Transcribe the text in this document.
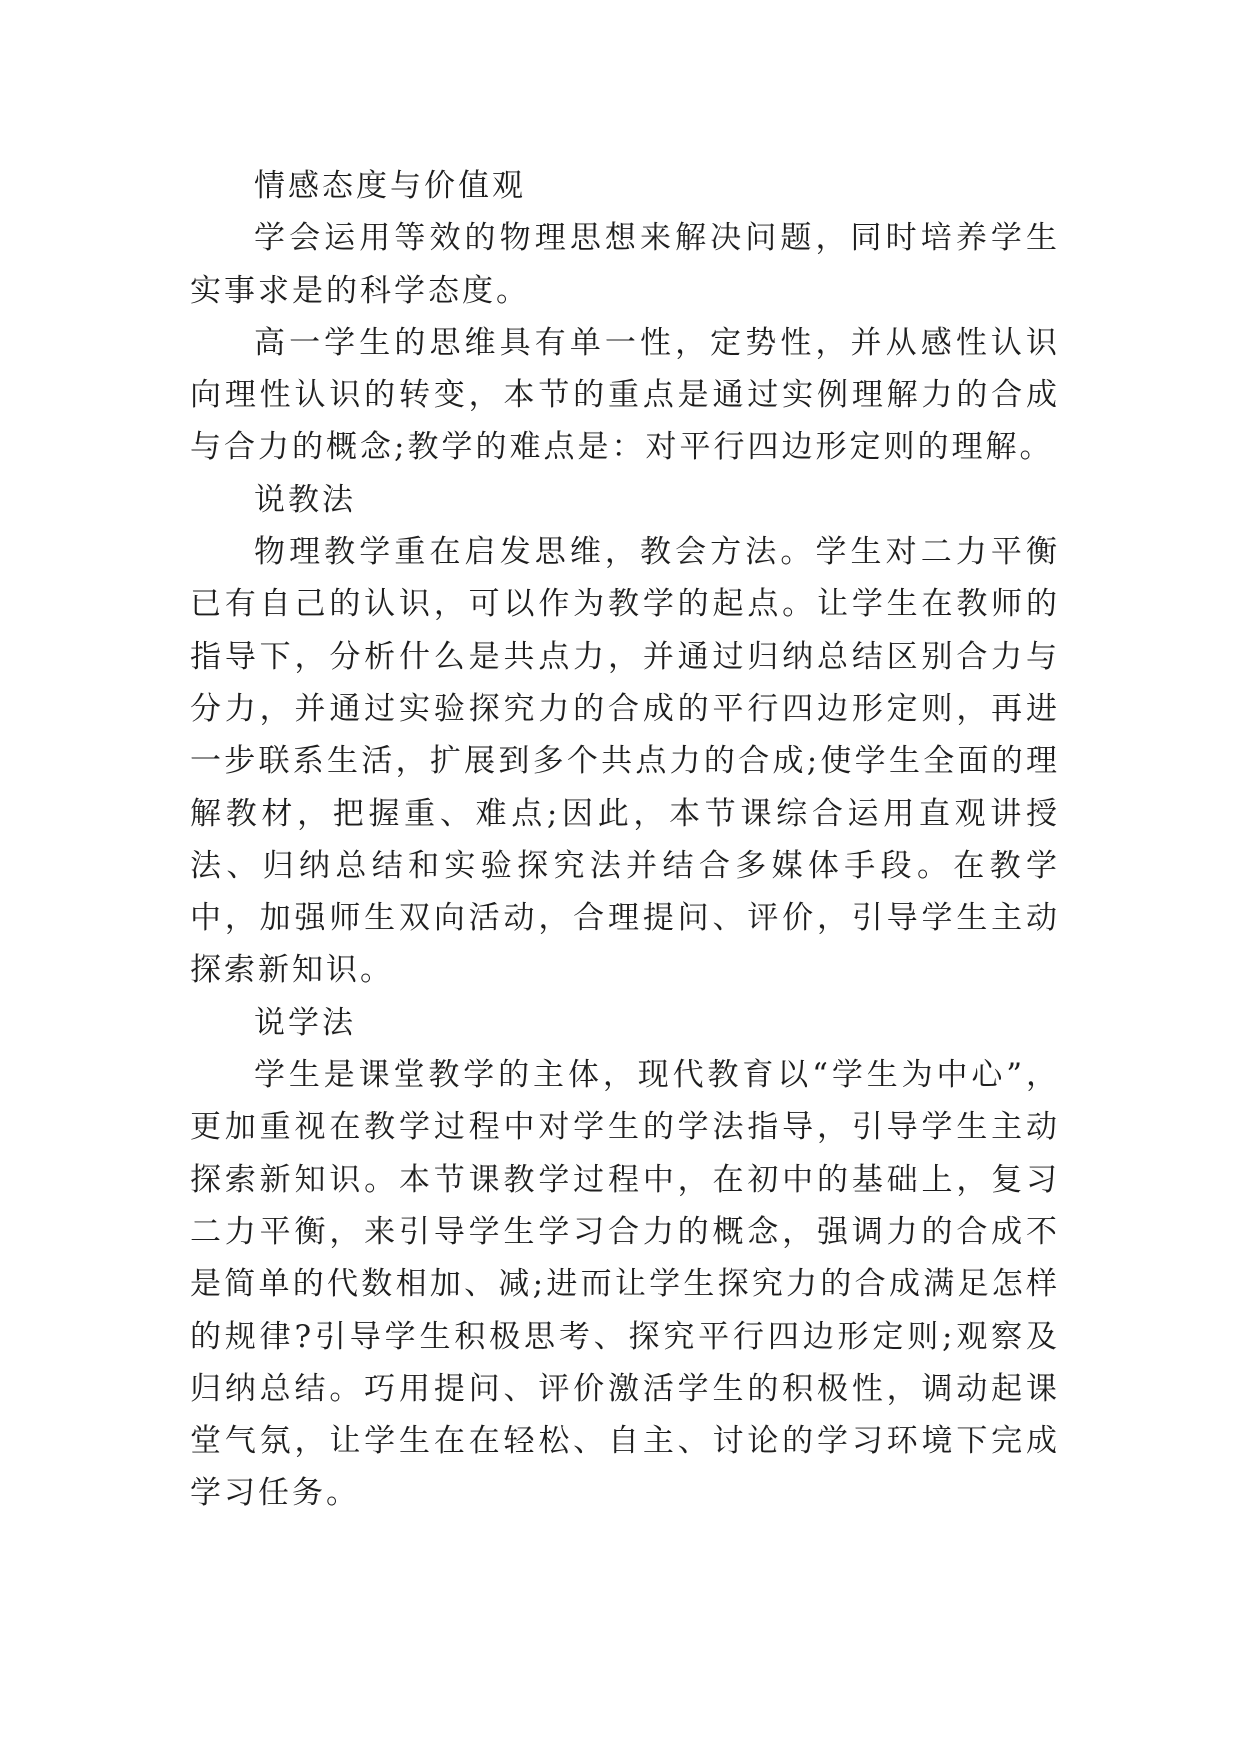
情感态度与价值观

学会运用等效的物理思想来解决问题，同时培养学生实事求是的科学态度。

高一学生的思维具有单一性，定势性，并从感性认识向理性认识的转变，本节的重点是通过实例理解力的合成与合力的概念;教学的难点是：对平行四边形定则的理解。

说教法

物理教学重在启发思维，教会方法。学生对二力平衡已有自己的认识，可以作为教学的起点。让学生在教师的指导下，分析什么是共点力，并通过归纳总结区别合力与分力，并通过实验探究力的合成的平行四边形定则，再进一步联系生活，扩展到多个共点力的合成;使学生全面的理解教材，把握重、难点;因此，本节课综合运用直观讲授法、归纳总结和实验探究法并结合多媒体手段。在教学中，加强师生双向活动，合理提问、评价，引导学生主动探索新知识。

说学法

学生是课堂教学的主体，现代教育以“学生为中心”，更加重视在教学过程中对学生的学法指导，引导学生主动探索新知识。本节课教学过程中，在初中的基础上，复习二力平衡，来引导学生学习合力的概念，强调力的合成不是简单的代数相加、减;进而让学生探究力的合成满足怎样的规律?引导学生积极思考、探究平行四边形定则;观察及归纳总结。巧用提问、评价激活学生的积极性，调动起课堂气氛，让学生在在轻松、自主、讨论的学习环境下完成学习任务。
